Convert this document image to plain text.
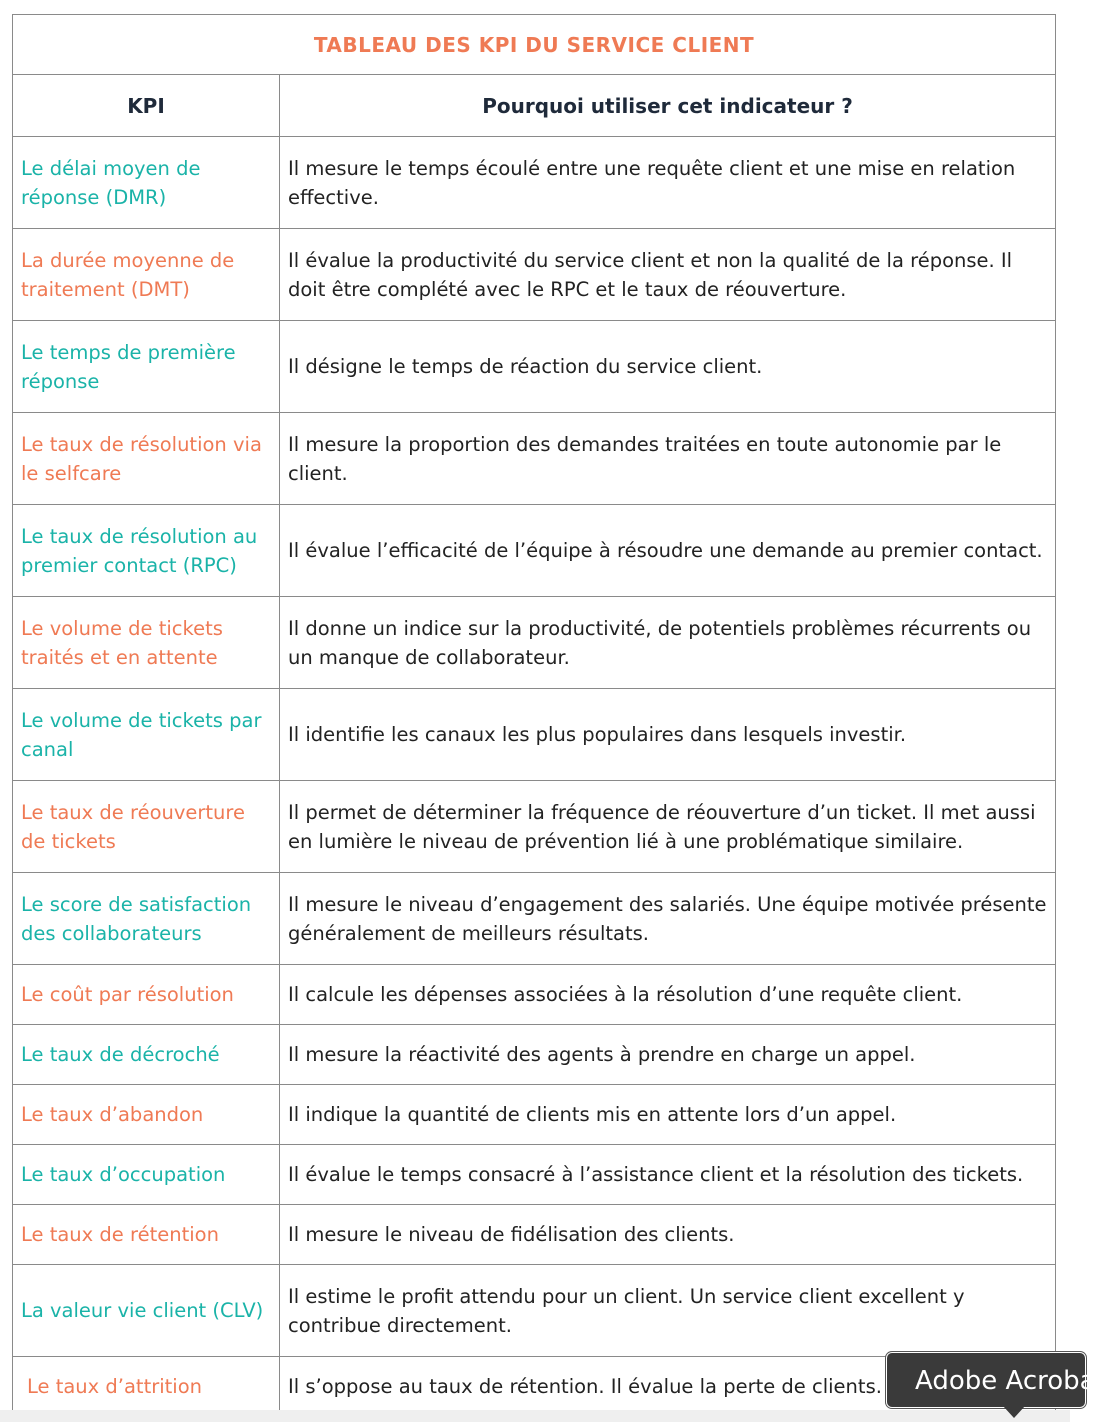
TABLEAU DES KPI DU SERVICE CLIENT	
KPI	Pourquoi utiliser cet indicateur ?
Le délai moyen de réponse (DMR)	Il mesure le temps écoulé entre une requête client et une mise en relation effective.
La durée moyenne de traitement (DMT)	Il évalue la productivité du service client et non la qualité de la réponse. Il doit être complété avec le RPC et le taux de réouverture.
Le temps de première réponse	Il désigne le temps de réaction du service client.
Le taux de résolution via le selfcare	Il mesure la proportion des demandes traitées en toute autonomie par le client.
Le taux de résolution au premier contact (RPC)	Il évalue l’efficacité de l’équipe à résoudre une demande au premier contact.
Le volume de tickets traités et en attente	Il donne un indice sur la productivité, de potentiels problèmes récurrents ou un manque de collaborateur.
Le volume de tickets par canal	Il identifie les canaux les plus populaires dans lesquels investir.
Le taux de réouverture de tickets	Il permet de déterminer la fréquence de réouverture d’un ticket. Il met aussi en lumière le niveau de prévention lié à une problématique similaire.
Le score de satisfaction des collaborateurs	Il mesure le niveau d’engagement des salariés. Une équipe motivée présente généralement de meilleurs résultats.
Le coût par résolution	Il calcule les dépenses associées à la résolution d’une requête client.
Le taux de décroché	Il mesure la réactivité des agents à prendre en charge un appel.
Le taux d’abandon	Il indique la quantité de clients mis en attente lors d’un appel.
Le taux d’occupation	Il évalue le temps consacré à l’assistance client et la résolution des tickets.
Le taux de rétention	Il mesure le niveau de fidélisation des clients.
La valeur vie client (CLV)	Il estime le profit attendu pour un client. Un service client excellent y contribue directement.
Le taux d’attrition	Il s’oppose au taux de rétention. Il évalue la perte de clients.	Adobe Acrobat
